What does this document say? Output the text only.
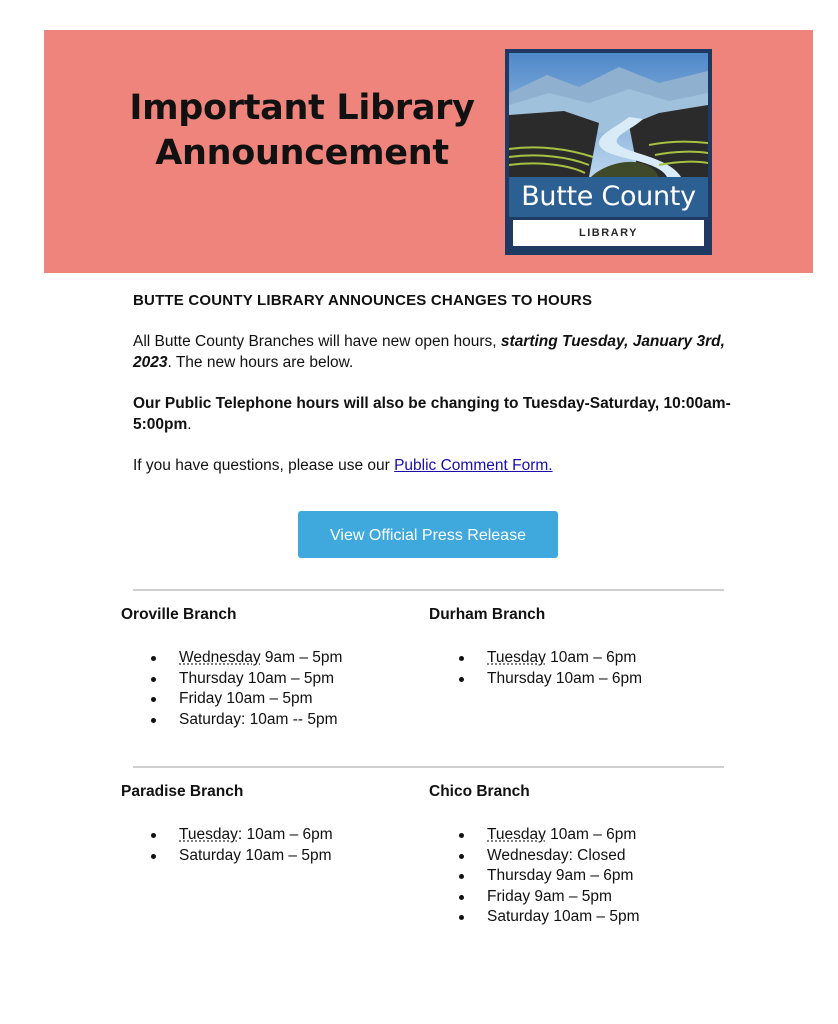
Important Library Announcement
Butte County
LIBRARY
BUTTE COUNTY LIBRARY ANNOUNCES CHANGES TO HOURS

All Butte County Branches will have new open hours, starting Tuesday, January 3rd, 2023. The new hours are below.

Our Public Telephone hours will also be changing to Tuesday-Saturday, 10:00am-5:00pm.

If you have questions, please use our Public Comment Form.

View Official Press Release
Oroville Branch
Wednesday 9am – 5pm
Thursday 10am – 5pm
Friday 10am – 5pm
Saturday: 10am -- 5pm
Durham Branch
Tuesday 10am – 6pm
Thursday 10am – 6pm
Paradise Branch
Tuesday: 10am – 6pm
Saturday 10am – 5pm
Chico Branch
Tuesday 10am – 6pm
Wednesday: Closed
Thursday 9am – 6pm
Friday 9am – 5pm
Saturday 10am – 5pm
